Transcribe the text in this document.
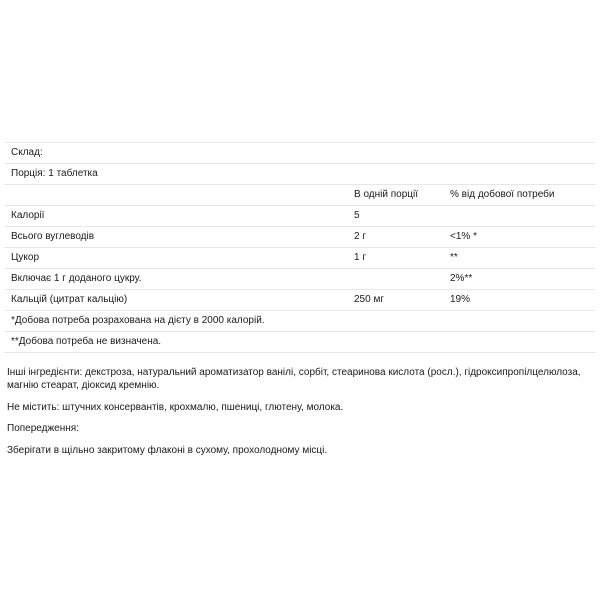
Склад:		
Порція: 1 таблетка		
	В одній порції	% від добової потреби
Калорії	5	
Всього вуглеводів	2 г	<1% *
Цукор	1 г	**
Включає 1 г доданого цукру.		2%**
Кальцій (цитрат кальцію)	250 мг	19%
*Добова потреба розрахована на дієту в 2000 калорій.		
**Добова потреба не визначена.		

Інші інгредієнти: декстроза, натуральний ароматизатор ванілі, сорбіт, стеаринова кислота (росл.), гідроксипропілцелюлоза, магнію стеарат, діоксид кремнію.

Не містить: штучних консервантів, крохмалю, пшениці, глютену, молока.

Попередження:

Зберігати в щільно закритому флаконі в сухому, прохолодному місці.
